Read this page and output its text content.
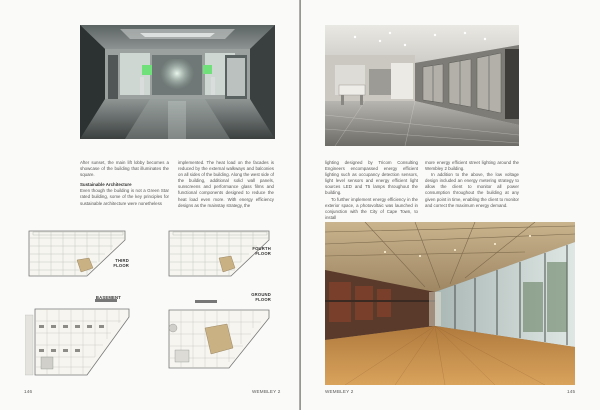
After sunset, the main lift lobby becomes a showcase of the building that illuminates the square.

Sustainable Architecture

Even though the building is not a Green Star rated building, some of the key principles for sustainable architecture were nonetheless

implemented. The heat load on the facades is reduced by the external walkways and balconies on all sides of the building. Along the west side of the building, additional solid wall panels, sunscreens and performance glass films and functional components designed to reduce the heat load even more. With energy efficiency designs as the mainstay strategy, the

THIRD
FLOOR
FOURTH
FLOOR
BASEMENT
GROUND
FLOOR
146	WEMBLEY 2

lighting designed by Tricom Consulting Engineers encompassed energy efficient lighting such as occupancy detection sensors, light level sensors and energy efficient light sources LED and T5 lamps throughout the building.

To further implement energy efficiency in the exterior space, a photovoltaic was launched in conjunction with the City of Cape Town, to install

more energy efficient street lighting around the Wembley 2 building.

In addition to the above, the low voltage design included an energy metering strategy to allow the client to monitor all power consumption throughout the building at any given point in time, enabling the client to monitor and correct the maximum energy demand.

WEMBLEY 2	145
